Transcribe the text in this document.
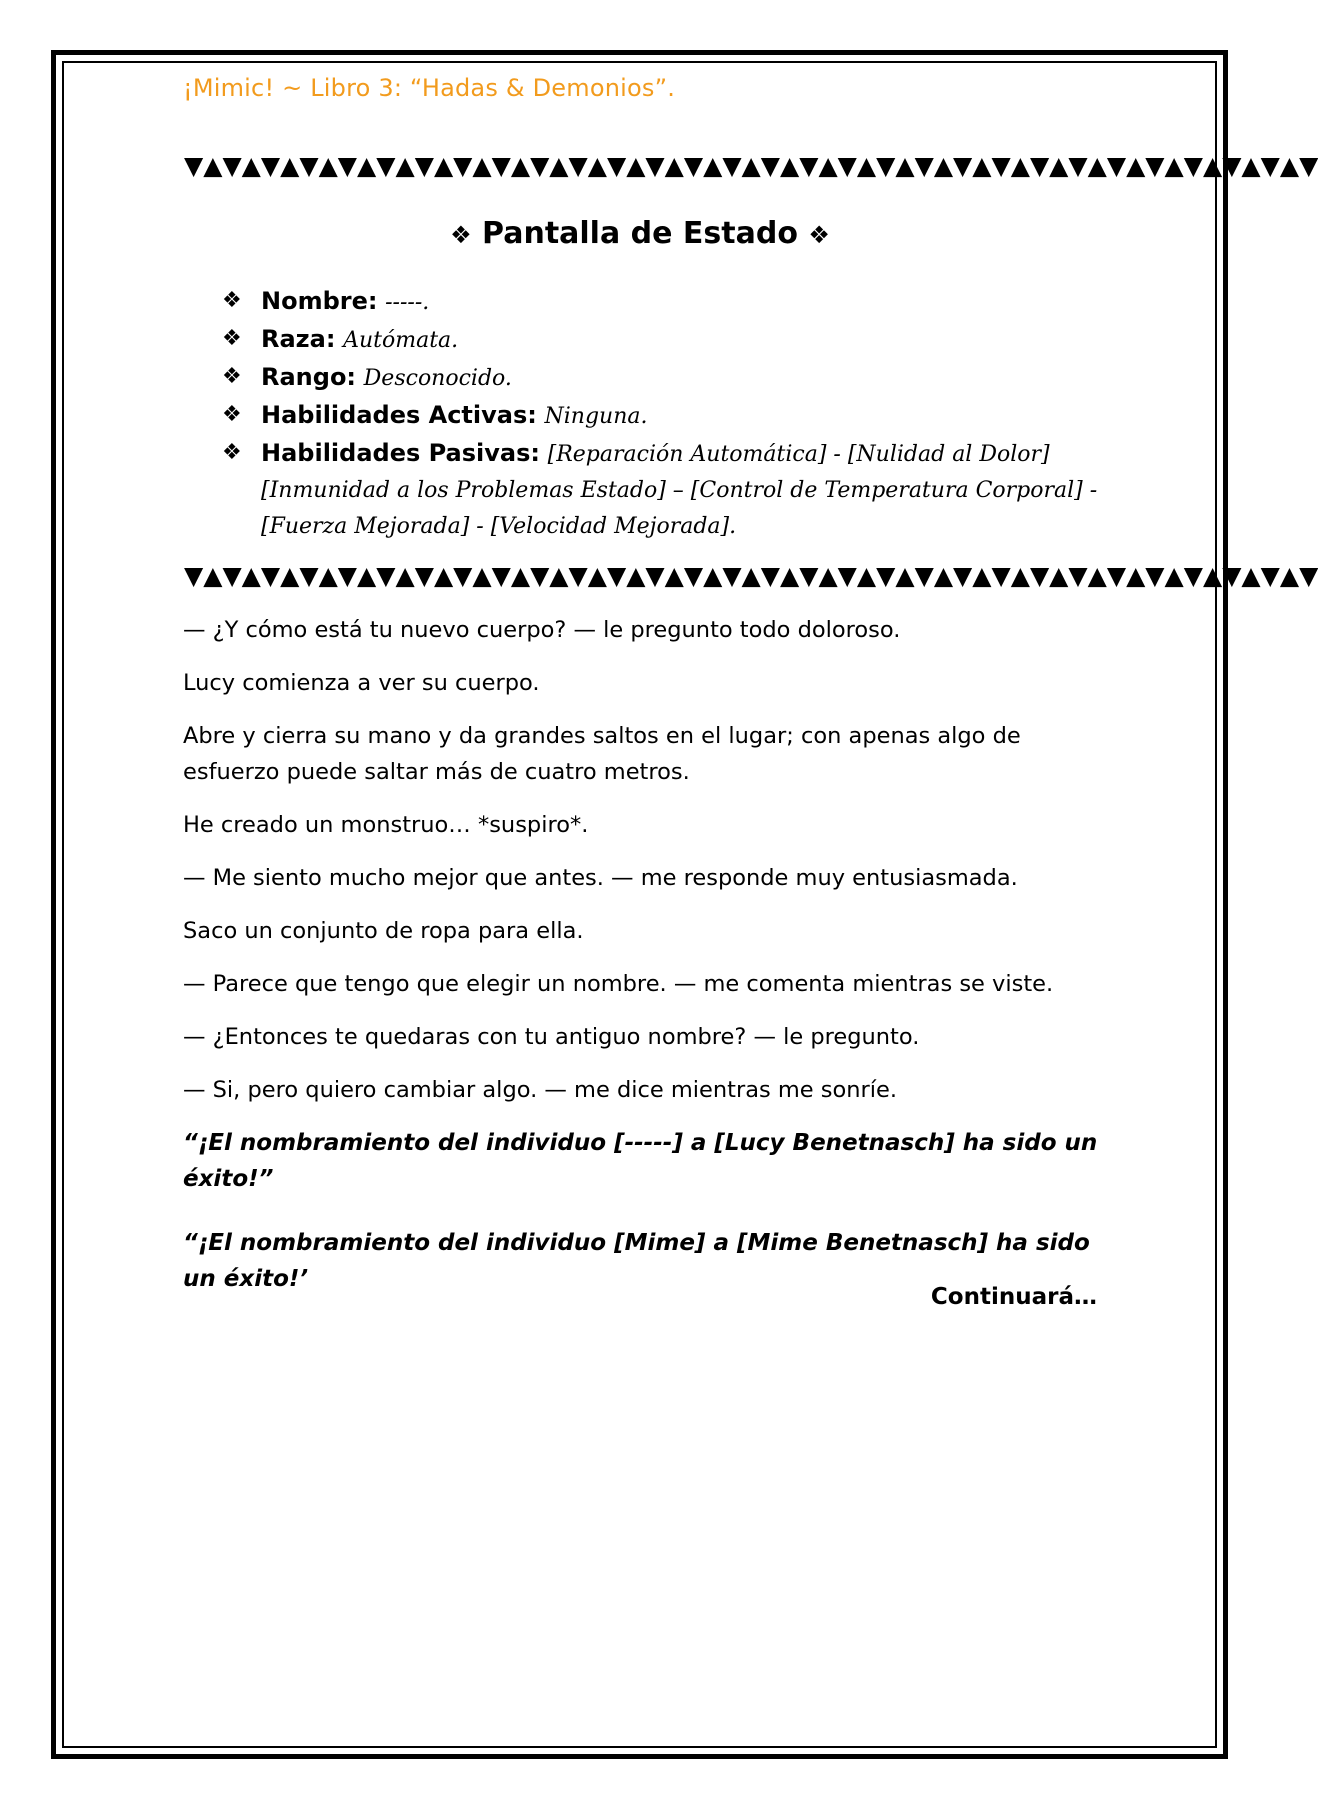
¡Mimic! ~ Libro 3: “Hadas & Demonios”.
▼▲▼▲▼▲▼▲▼▲▼▲▼▲▼▲▼▲▼▲▼▲▼▲▼▲▼▲▼▲▼▲▼▲▼▲▼▲▼▲▼▲▼▲▼▲▼▲▼▲▼▲▼▲▼▲▼▲▼
❖ Pantalla de Estado ❖
❖ Nombre: -----.
❖ Raza: Autómata.
❖ Rango: Desconocido.
❖ Habilidades Activas: Ninguna.
❖ Habilidades Pasivas: [Reparación Automática] - [Nulidad al Dolor] [Inmunidad a los Problemas Estado] – [Control de Temperatura Corporal] - [Fuerza Mejorada] - [Velocidad Mejorada].
▼▲▼▲▼▲▼▲▼▲▼▲▼▲▼▲▼▲▼▲▼▲▼▲▼▲▼▲▼▲▼▲▼▲▼▲▼▲▼▲▼▲▼▲▼▲▼▲▼▲▼▲▼▲▼▲▼▲▼

— ¿Y cómo está tu nuevo cuerpo? — le pregunto todo doloroso.

Lucy comienza a ver su cuerpo.

Abre y cierra su mano y da grandes saltos en el lugar; con apenas algo de esfuerzo puede saltar más de cuatro metros.

He creado un monstruo… *suspiro*.

— Me siento mucho mejor que antes. — me responde muy entusiasmada.

Saco un conjunto de ropa para ella.

— Parece que tengo que elegir un nombre. — me comenta mientras se viste.

— ¿Entonces te quedaras con tu antiguo nombre? — le pregunto.

— Si, pero quiero cambiar algo. — me dice mientras me sonríe.

“¡El nombramiento del individuo [-----] a [Lucy Benetnasch] ha sido un éxito!”

“¡El nombramiento del individuo [Mime] a [Mime Benetnasch] ha sido un éxito!’

Continuará…
